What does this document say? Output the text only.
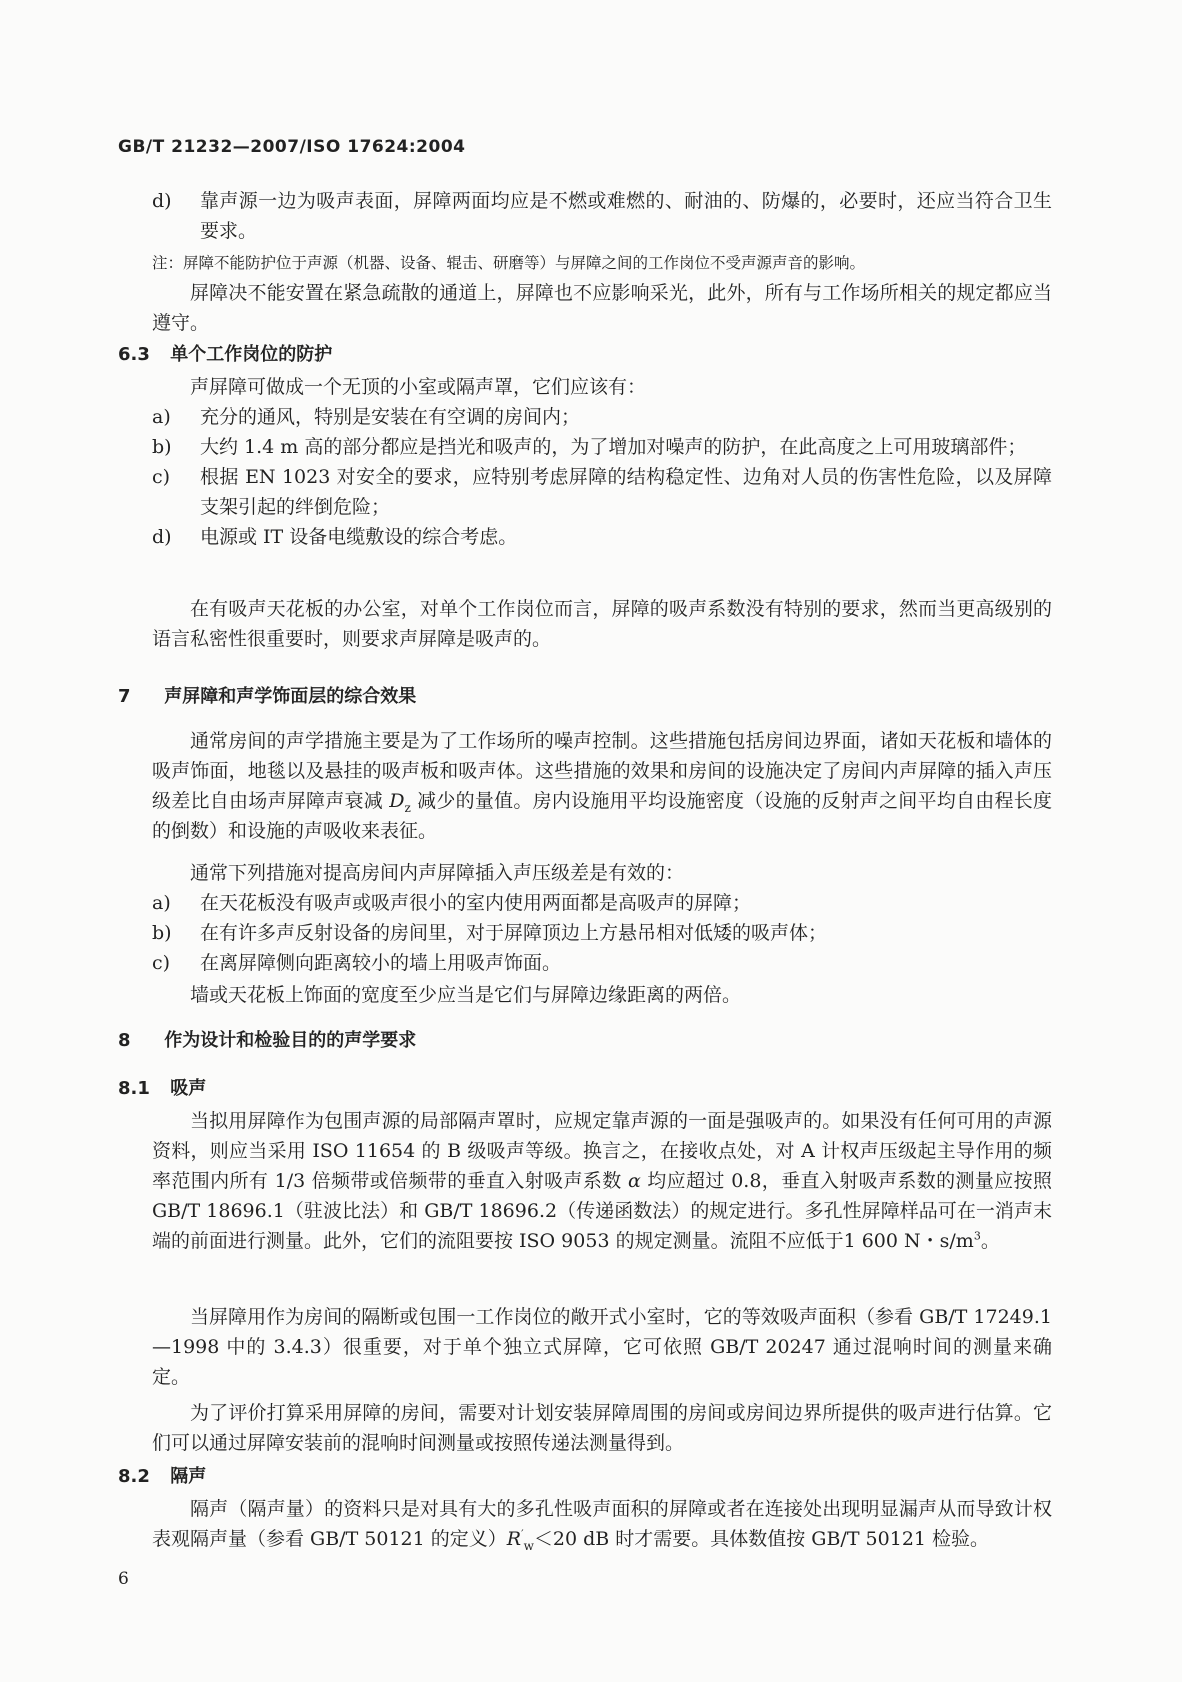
GB/T 21232—2007/ISO 17624:2004
d)	靠声源一边为吸声表面，屏障两面均应是不燃或难燃的、耐油的、防爆的，必要时，还应当符合卫生要求。
注：屏障不能防护位于声源（机器、设备、辊击、研磨等）与屏障之间的工作岗位不受声源声音的影响。
屏障决不能安置在紧急疏散的通道上，屏障也不应影响采光，此外，所有与工作场所相关的规定都应当遵守。
6.3 单个工作岗位的防护
声屏障可做成一个无顶的小室或隔声罩，它们应该有：
a)	充分的通风，特别是安装在有空调的房间内；
b)	大约 1.4 m 高的部分都应是挡光和吸声的，为了增加对噪声的防护，在此高度之上可用玻璃部件；
c)	根据 EN 1023 对安全的要求，应特别考虑屏障的结构稳定性、边角对人员的伤害性危险，以及屏障支架引起的绊倒危险；
d)	电源或 IT 设备电缆敷设的综合考虑。
在有吸声天花板的办公室，对单个工作岗位而言，屏障的吸声系数没有特别的要求，然而当更高级别的语言私密性很重要时，则要求声屏障是吸声的。
7 声屏障和声学饰面层的综合效果
通常房间的声学措施主要是为了工作场所的噪声控制。这些措施包括房间边界面，诸如天花板和墙体的吸声饰面，地毯以及悬挂的吸声板和吸声体。这些措施的效果和房间的设施决定了房间内声屏障的插入声压级差比自由场声屏障声衰减 $D_z$ 减少的量值。房内设施用平均设施密度（设施的反射声之间平均自由程长度的倒数）和设施的声吸收来表征。
通常下列措施对提高房间内声屏障插入声压级差是有效的：
a)	在天花板没有吸声或吸声很小的室内使用两面都是高吸声的屏障；
b)	在有许多声反射设备的房间里，对于屏障顶边上方悬吊相对低矮的吸声体；
c)	在离屏障侧向距离较小的墙上用吸声饰面。
墙或天花板上饰面的宽度至少应当是它们与屏障边缘距离的两倍。
8 作为设计和检验目的的声学要求
8.1 吸声
当拟用屏障作为包围声源的局部隔声罩时，应规定靠声源的一面是强吸声的。如果没有任何可用的声源资料，则应当采用 ISO 11654 的 B 级吸声等级。换言之，在接收点处，对 A 计权声压级起主导作用的频率范围内所有 1/3 倍频带或倍频带的垂直入射吸声系数 α 均应超过 0.8，垂直入射吸声系数的测量应按照 GB/T 18696.1（驻波比法）和 GB/T 18696.2（传递函数法）的规定进行。多孔性屏障样品可在一消声末端的前面进行测量。此外，它们的流阻要按 ISO 9053 的规定测量。流阻不应低于1 600 N・$s/m^3$。
当屏障用作为房间的隔断或包围一工作岗位的敞开式小室时，它的等效吸声面积（参看 GB/T 17249.1—1998 中的 3.4.3）很重要，对于单个独立式屏障，它可依照 GB/T 20247 通过混响时间的测量来确定。
为了评价打算采用屏障的房间，需要对计划安装屏障周围的房间或房间边界所提供的吸声进行估算。它们可以通过屏障安装前的混响时间测量或按照传递法测量得到。
8.2 隔声
隔声（隔声量）的资料只是对具有大的多孔性吸声面积的屏障或者在连接处出现明显漏声从而导致计权表观隔声量（参看 GB/T 50121 的定义）$R'_w<20$ dB 时才需要。具体数值按 GB/T 50121 检验。
6
